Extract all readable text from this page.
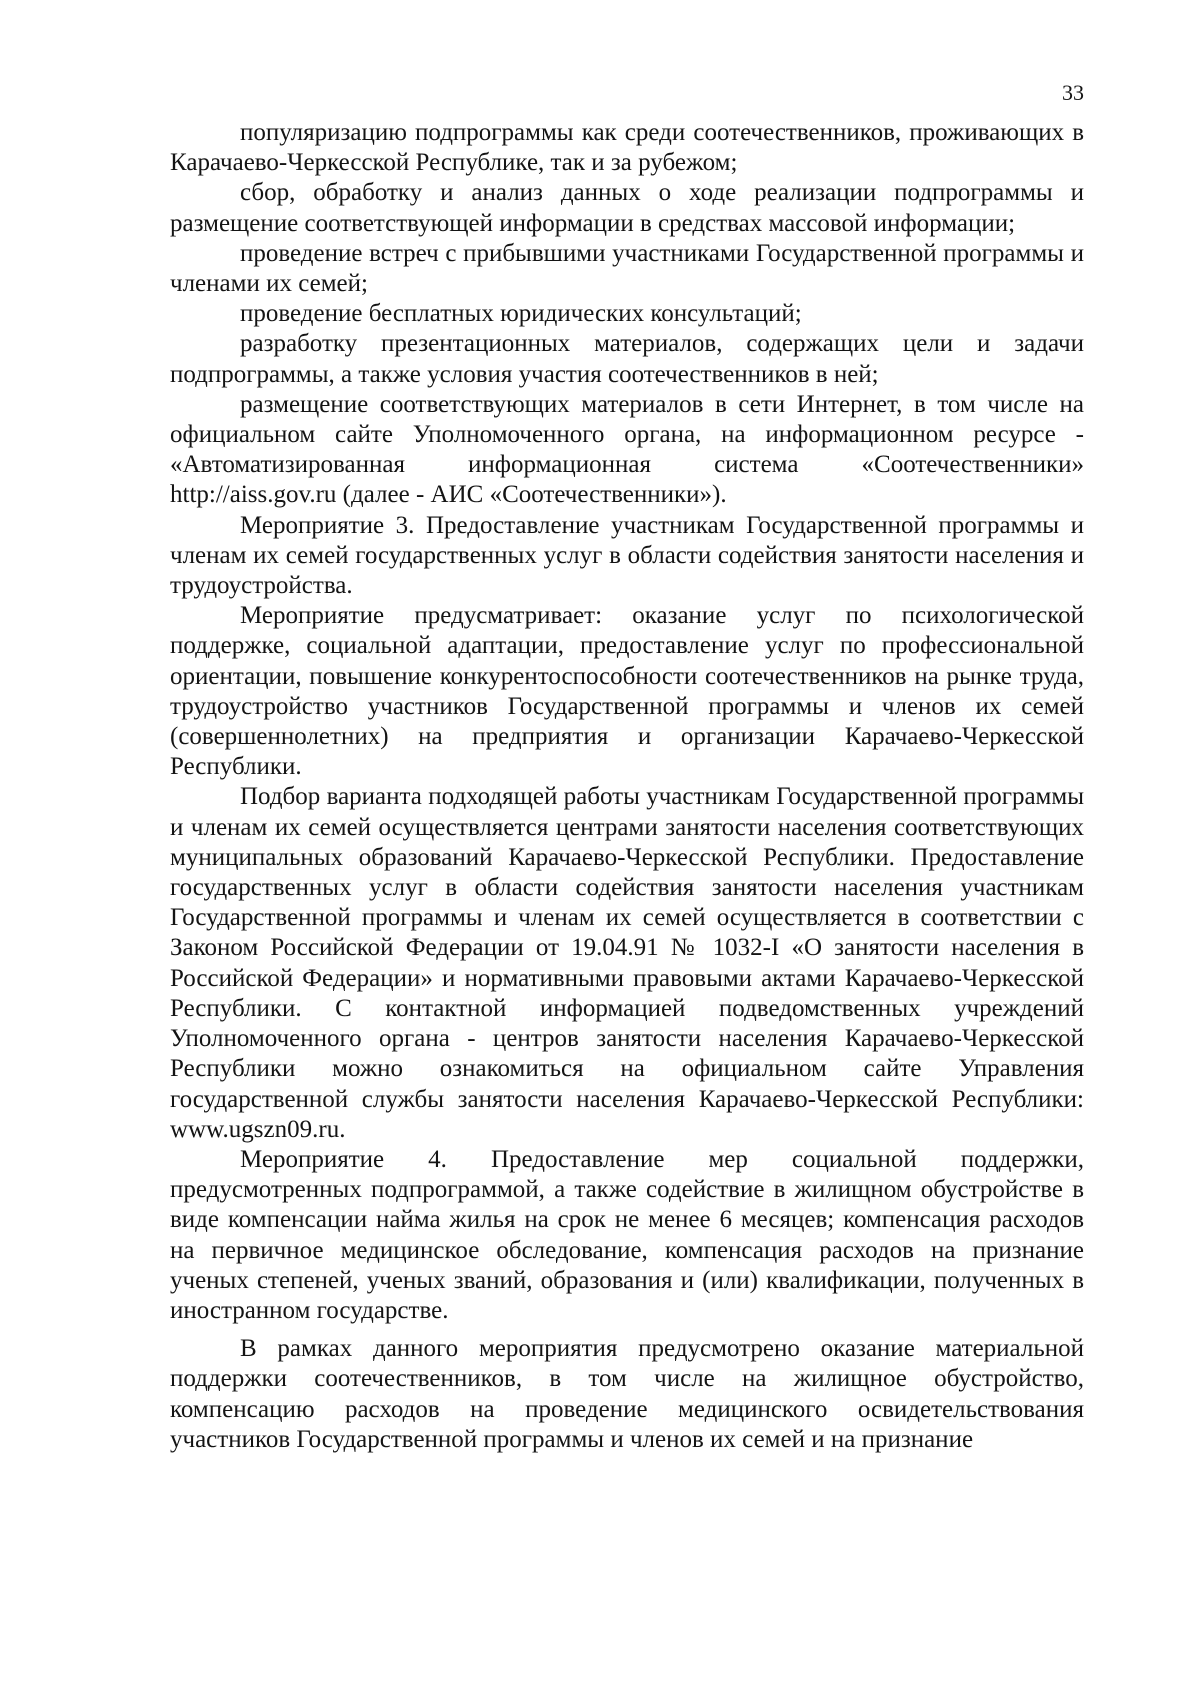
33

популяризацию подпрограммы как среди соотечественников, проживающих в Карачаево-Черкесской Республике, так и за рубежом;

сбор, обработку и анализ данных о ходе реализации подпрограммы и размещение соответствующей информации в средствах массовой информации;

проведение встреч с прибывшими участниками Государственной программы и членами их семей;

проведение бесплатных юридических консультаций;

разработку презентационных материалов, содержащих цели и задачи подпрограммы, а также условия участия соотечественников в ней;

размещение соответствующих материалов в сети Интернет, в том числе на официальном сайте Уполномоченного органа, на информационном ресурсе - «Автоматизированная информационная система «Соотечественники» http://aiss.gov.ru (далее - АИС «Соотечественники»).

Мероприятие 3. Предоставление участникам Государственной программы и членам их семей государственных услуг в области содействия занятости населения и трудоустройства.

Мероприятие предусматривает: оказание услуг по психологической поддержке, социальной адаптации, предоставление услуг по профессиональной ориентации, повышение конкурентоспособности соотечественников на рынке труда, трудоустройство участников Государственной программы и членов их семей (совершеннолетних) на предприятия и организации Карачаево-Черкесской Республики.

Подбор варианта подходящей работы участникам Государственной программы и членам их семей осуществляется центрами занятости населения соответствующих муниципальных образований Карачаево-Черкесской Республики. Предоставление государственных услуг в области содействия занятости населения участникам Государственной программы и членам их семей осуществляется в соответствии с Законом Российской Федерации от 19.04.91 № 1032-I «О занятости населения в Российской Федерации» и нормативными правовыми актами Карачаево-Черкесской Республики. С контактной информацией подведомственных учреждений Уполномоченного органа - центров занятости населения Карачаево-Черкесской Республики можно ознакомиться на официальном сайте Управления государственной службы занятости населения Карачаево-Черкесской Республики: www.ugszn09.ru.

Мероприятие 4. Предоставление мер социальной поддержки, предусмотренных подпрограммой, а также содействие в жилищном обустройстве в виде компенсации найма жилья на срок не менее 6 месяцев; компенсация расходов на первичное медицинское обследование, компенсация расходов на признание ученых степеней, ученых званий, образования и (или) квалификации, полученных в иностранном государстве.

В рамках данного мероприятия предусмотрено оказание материальной поддержки соотечественников, в том числе на жилищное обустройство, компенсацию расходов на проведение медицинского освидетельствования участников Государственной программы и членов их семей и на признание
